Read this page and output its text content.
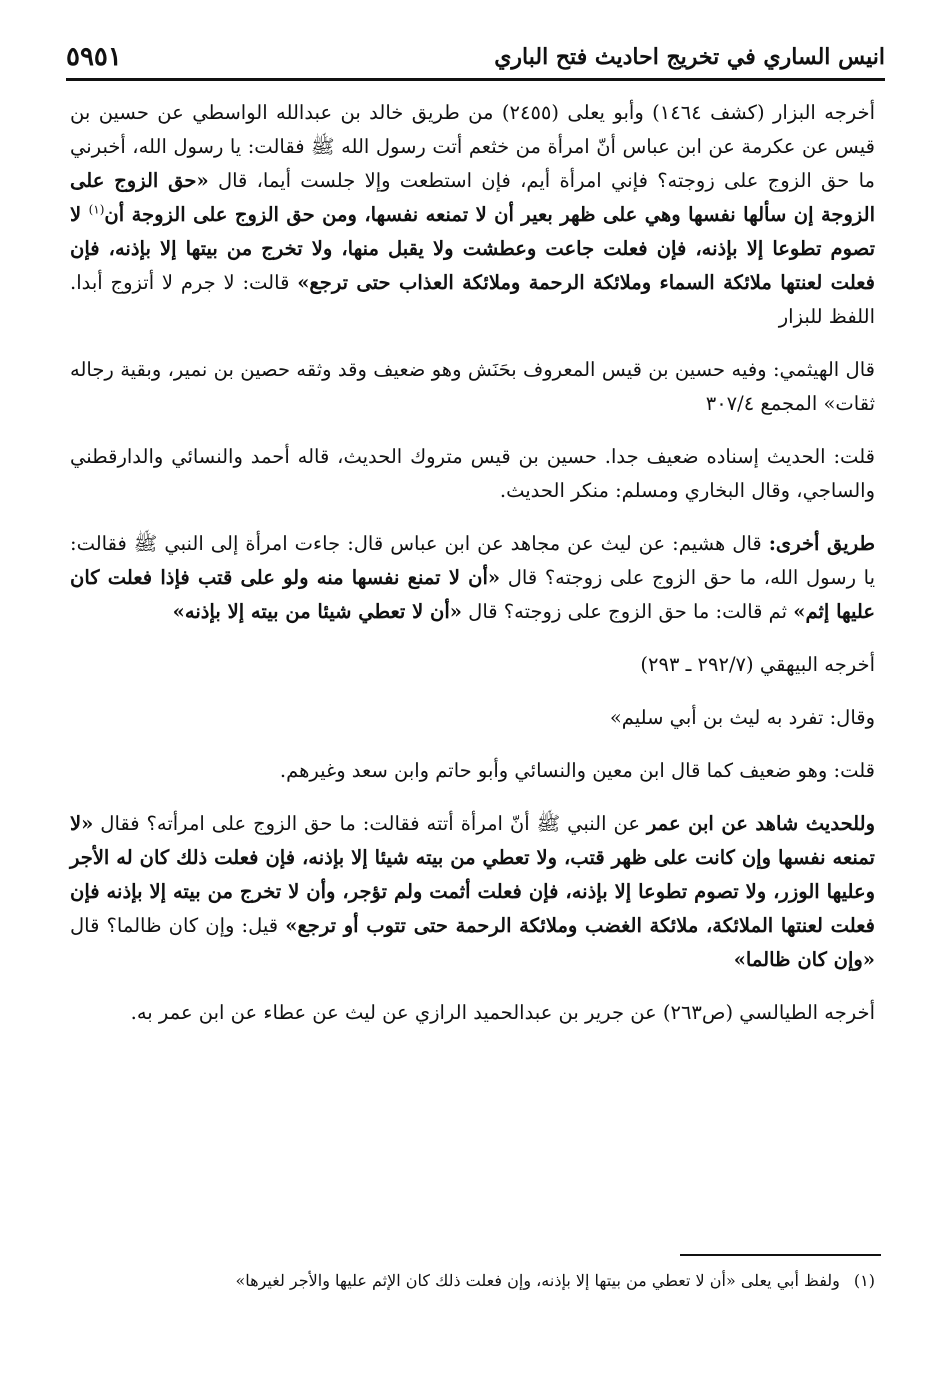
انيس الساري في تخريج احاديث فتح الباري
٥٩٥١

أخرجه البزار (كشف ١٤٦٤) وأبو يعلى (٢٤٥٥) من طريق خالد بن عبدالله الواسطي عن حسين بن قيس عن عكرمة عن ابن عباس أنّ امرأة من خثعم أتت رسول الله ﷺ فقالت: يا رسول الله، أخبرني ما حق الزوج على زوجته؟ فإني امرأة أيم، فإن استطعت وإلا جلست أيما، قال «حق الزوج على الزوجة إن سألها نفسها وهي على ظهر بعير أن لا تمنعه نفسها، ومن حق الزوج على الزوجة أن$^{(١)}$ لا تصوم تطوعا إلا بإذنه، فإن فعلت جاعت وعطشت ولا يقبل منها، ولا تخرج من بيتها إلا بإذنه، فإن فعلت لعنتها ملائكة السماء وملائكة الرحمة وملائكة العذاب حتى ترجع» قالت: لا جرم لا أتزوج أبدا. اللفظ للبزار

قال الهيثمي: وفيه حسين بن قيس المعروف بحَنَش وهو ضعيف وقد وثقه حصين بن نمير، وبقية رجاله ثقات» المجمع ٣٠٧/٤

قلت: الحديث إسناده ضعيف جدا. حسين بن قيس متروك الحديث، قاله أحمد والنسائي والدارقطني والساجي، وقال البخاري ومسلم: منكر الحديث.

طريق أخرى: قال هشيم: عن ليث عن مجاهد عن ابن عباس قال: جاءت امرأة إلى النبي ﷺ فقالت: يا رسول الله، ما حق الزوج على زوجته؟ قال «أن لا تمنع نفسها منه ولو على قتب فإذا فعلت كان عليها إثم» ثم قالت: ما حق الزوج على زوجته؟ قال «أن لا تعطي شيئا من بيته إلا بإذنه»

أخرجه البيهقي (٢٩٢/٧ ـ ٢٩٣)

وقال: تفرد به ليث بن أبي سليم»

قلت: وهو ضعيف كما قال ابن معين والنسائي وأبو حاتم وابن سعد وغيرهم.

وللحديث شاهد عن ابن عمر عن النبي ﷺ أنّ امرأة أتته فقالت: ما حق الزوج على امرأته؟ فقال «لا تمنعه نفسها وإن كانت على ظهر قتب، ولا تعطي من بيته شيئا إلا بإذنه، فإن فعلت ذلك كان له الأجر وعليها الوزر، ولا تصوم تطوعا إلا بإذنه، فإن فعلت أثمت ولم تؤجر، وأن لا تخرج من بيته إلا بإذنه فإن فعلت لعنتها الملائكة، ملائكة الغضب وملائكة الرحمة حتى تتوب أو ترجع» قيل: وإن كان ظالما؟ قال «وإن كان ظالما»

أخرجه الطيالسي (ص٢٦٣) عن جرير بن عبدالحميد الرازي عن ليث عن عطاء عن ابن عمر به.

(١)ولفظ أبي يعلى «أن لا تعطي من بيتها إلا بإذنه، وإن فعلت ذلك كان الإثم عليها والأجر لغيرها»
